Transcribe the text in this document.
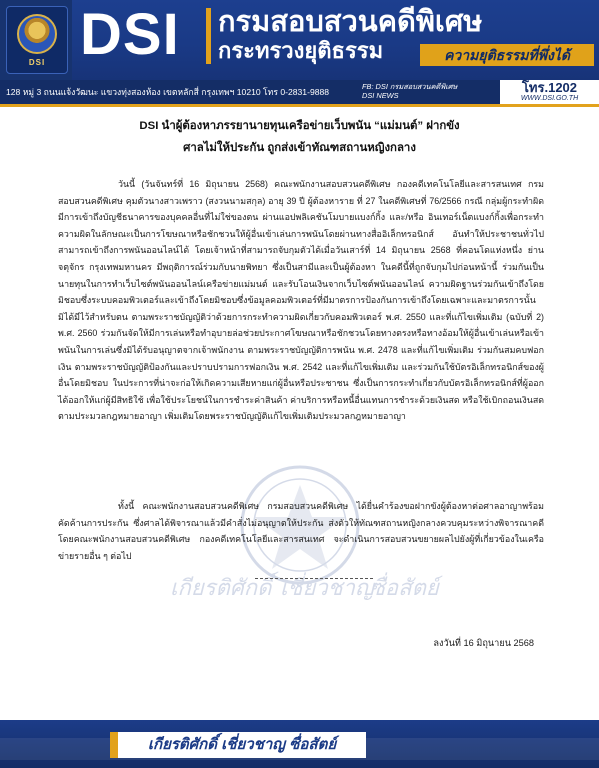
DSI DSI กรมสอบสวนคดีพิเศษ
กระทรวงยุติธรรม	ความยุติธรรมที่พึ่งได้
128 หมู่ 3 ถนนแจ้งวัฒนะ แขวงทุ่งสองห้อง เขตหลักสี่ กรุงเทพฯ 10210 โทร 0-2831-9888
FB: DSI กรมสอบสวนคดีพิเศษ
DSI NEWS
โทร.1202
WWW.DSI.GO.TH
DSI นำผู้ต้องหาภรรยานายทุนเครือข่ายเว็บพนัน “แม่มนต์” ฝากขัง
ศาลไม่ให้ประกัน ถูกส่งเข้าทัณฑสถานหญิงกลาง
เกียรติศักดิ์ เชี่ยวชาญ
ซื่อสัตย์
วันนี้ (วันจันทร์ที่ 16 มิถุนายน 2568) คณะพนักงานสอบสวนคดีพิเศษ กองคดีเทคโนโลยีและสารสนเทศ กรมสอบสวนคดีพิเศษ คุมตัวนางสาวเพราว (สงวนนามสกุล) อายุ 39 ปี ผู้ต้องหาราย ที่ 27 ในคดีพิเศษที่ 76/2566 กรณี กลุ่มผู้กระทำผิดมีการเข้าถึงบัญชีธนาคารของบุคคลอื่นที่ไม่ใช่ของตน ผ่านแอปพลิเคชันโมบายแบงก์กิ้ง และ/หรือ อินเทอร์เน็ตแบงก์กิ้งเพื่อกระทำความผิดในลักษณะเป็นการโฆษณาหรือชักชวนให้ผู้อื่นเข้าเล่นการพนันโดยผ่านทางสื่ออิเล็กทรอนิกส์ อันทำให้ประชาชนทั่วไปสามารถเข้าถึงการพนันออนไลน์ได้ โดยเจ้าหน้าที่สามารถจับกุมตัวได้เมื่อวันเสาร์ที่ 14 มิถุนายน 2568 ที่คอนโดแห่งหนึ่ง ย่านจตุจักร กรุงเทพมหานคร มีพฤติการณ์ร่วมกับนายพิทยา ซึ่งเป็นสามีและเป็นผู้ต้องหา ในคดีนี้ที่ถูกจับกุมไปก่อนหน้านี้ ร่วมกันเป็นนายทุนในการทำเว็บไซต์พนันออนไลน์เครือข่ายแม่มนต์ และรับโอนเงินจากเว็บไซต์พนันออนไลน์ ความผิดฐานร่วมกันเข้าถึงโดยมิชอบซึ่งระบบคอมพิวเตอร์และเข้าถึงโดยมิชอบซึ่งข้อมูลคอมพิวเตอร์ที่มีมาตรการป้องกันการเข้าถึงโดยเฉพาะและมาตรการนั้นมิได้มีไว้สำหรับตน ตามพระราชบัญญัติว่าด้วยการกระทำความผิดเกี่ยวกับคอมพิวเตอร์ พ.ศ. 2550 และที่แก้ไขเพิ่มเติม (ฉบับที่ 2) พ.ศ. 2560 ร่วมกันจัดให้มีการเล่นหรือทำอุบายล่อช่วยประกาศโฆษณาหรือชักชวนโดยทางตรงหรือทางอ้อมให้ผู้อื่นเข้าเล่นหรือเข้าพนันในการเล่นซึ่งมิได้รับอนุญาตจากเจ้าพนักงาน ตามพระราชบัญญัติการพนัน พ.ศ. 2478 และที่แก้ไขเพิ่มเติม ร่วมกันสมคบฟอกเงิน ตามพระราชบัญญัติป้องกันและปราบปรามการฟอกเงิน พ.ศ. 2542 และที่แก้ไขเพิ่มเติม และร่วมกันใช้บัตรอิเล็กทรอนิกส์ของผู้อื่นโดยมิชอบ ในประการที่น่าจะก่อให้เกิดความเสียหายแก่ผู้อื่นหรือประชาชน ซึ่งเป็นการกระทำเกี่ยวกับบัตรอิเล็กทรอนิกส์ที่ผู้ออกได้ออกให้แก่ผู้มีสิทธิใช้ เพื่อใช้ประโยชน์ในการชำระค่าสินค้า ค่าบริการหรือหนี้อื่นแทนการชำระด้วยเงินสด หรือใช้เบิกถอนเงินสด ตามประมวลกฎหมายอาญา เพิ่มเติมโดยพระราชบัญญัติแก้ไขเพิ่มเติมประมวลกฎหมายอาญา
ทั้งนี้ คณะพนักงานสอบสวนคดีพิเศษ กรมสอบสวนคดีพิเศษ ได้ยื่นคำร้องขอฝากขังผู้ต้องหาต่อศาลอาญาพร้อมคัดค้านการประกัน ซึ่งศาลได้พิจารณาแล้วมีคำสั่งไม่อนุญาตให้ประกัน ส่งตัวให้ทัณฑสถานหญิงกลางควบคุมระหว่างพิจารณาคดี โดยคณะพนักงานสอบสวนคดีพิเศษ กองคดีเทคโนโลยีและสารสนเทศ จะดำเนินการสอบสวนขยายผลไปยังผู้ที่เกี่ยวข้องในเครือข่ายรายอื่น ๆ ต่อไป
ลงวันที่ 16 มิถุนายน 2568
เกียรติศักดิ์ เชี่ยวชาญ ซื่อสัตย์
